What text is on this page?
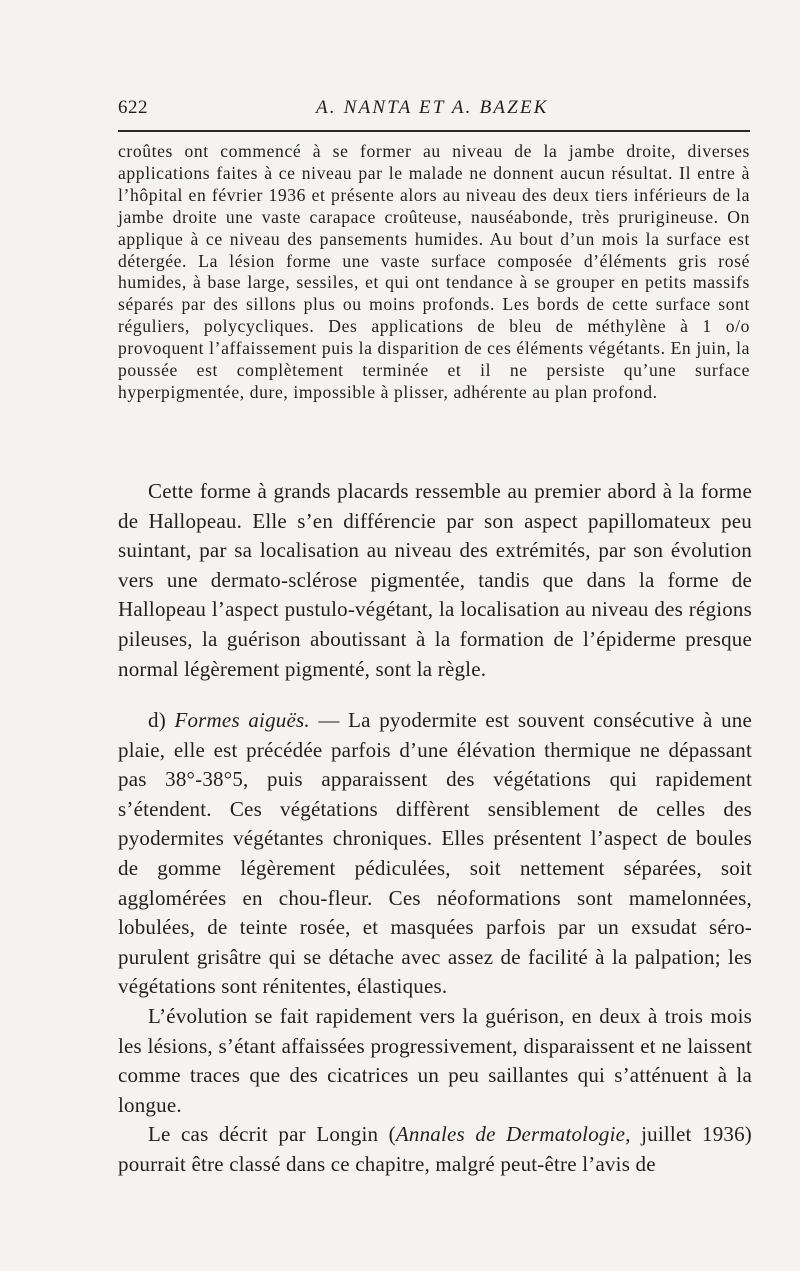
622	A. NANTA ET A. BAZEK

croûtes ont commencé à se former au niveau de la jambe droite, diverses applications faites à ce niveau par le malade ne donnent aucun résultat. Il entre à l’hôpital en février 1936 et présente alors au niveau des deux tiers inférieurs de la jambe droite une vaste carapace croûteuse, nauséabonde, très prurigineuse. On applique à ce niveau des pansements humides. Au bout d’un mois la surface est détergée. La lésion forme une vaste surface composée d’éléments gris rosé humides, à base large, sessiles, et qui ont tendance à se grouper en petits massifs séparés par des sillons plus ou moins profonds. Les bords de cette surface sont réguliers, polycycliques. Des applications de bleu de méthylène à 1 o/o provoquent l’affaissement puis la disparition de ces éléments végétants. En juin, la poussée est complètement terminée et il ne persiste qu’une surface hyperpigmentée, dure, impossible à plisser, adhérente au plan profond.

Cette forme à grands placards ressemble au premier abord à la forme de Hallopeau. Elle s’en différencie par son aspect papillomateux peu suintant, par sa localisation au niveau des extrémités, par son évolution vers une dermato-sclérose pigmentée, tandis que dans la forme de Hallopeau l’aspect pustulo-végétant, la localisation au niveau des régions pileuses, la guérison aboutissant à la formation de l’épiderme presque normal légèrement pigmenté, sont la règle.

d) Formes aiguës. — La pyodermite est souvent consécutive à une plaie, elle est précédée parfois d’une élévation thermique ne dépassant pas 38°-38°5, puis apparaissent des végétations qui rapidement s’étendent. Ces végétations diffèrent sensiblement de celles des pyodermites végétantes chroniques. Elles présentent l’aspect de boules de gomme légèrement pédiculées, soit nettement séparées, soit agglomérées en chou-fleur. Ces néoformations sont mamelonnées, lobulées, de teinte rosée, et masquées parfois par un exsudat séro-purulent grisâtre qui se détache avec assez de facilité à la palpation; les végétations sont rénitentes, élastiques.

L’évolution se fait rapidement vers la guérison, en deux à trois mois les lésions, s’étant affaissées progressivement, disparaissent et ne laissent comme traces que des cicatrices un peu saillantes qui s’atténuent à la longue.

Le cas décrit par Longin (Annales de Dermatologie, juillet 1936) pourrait être classé dans ce chapitre, malgré peut-être l’avis de
